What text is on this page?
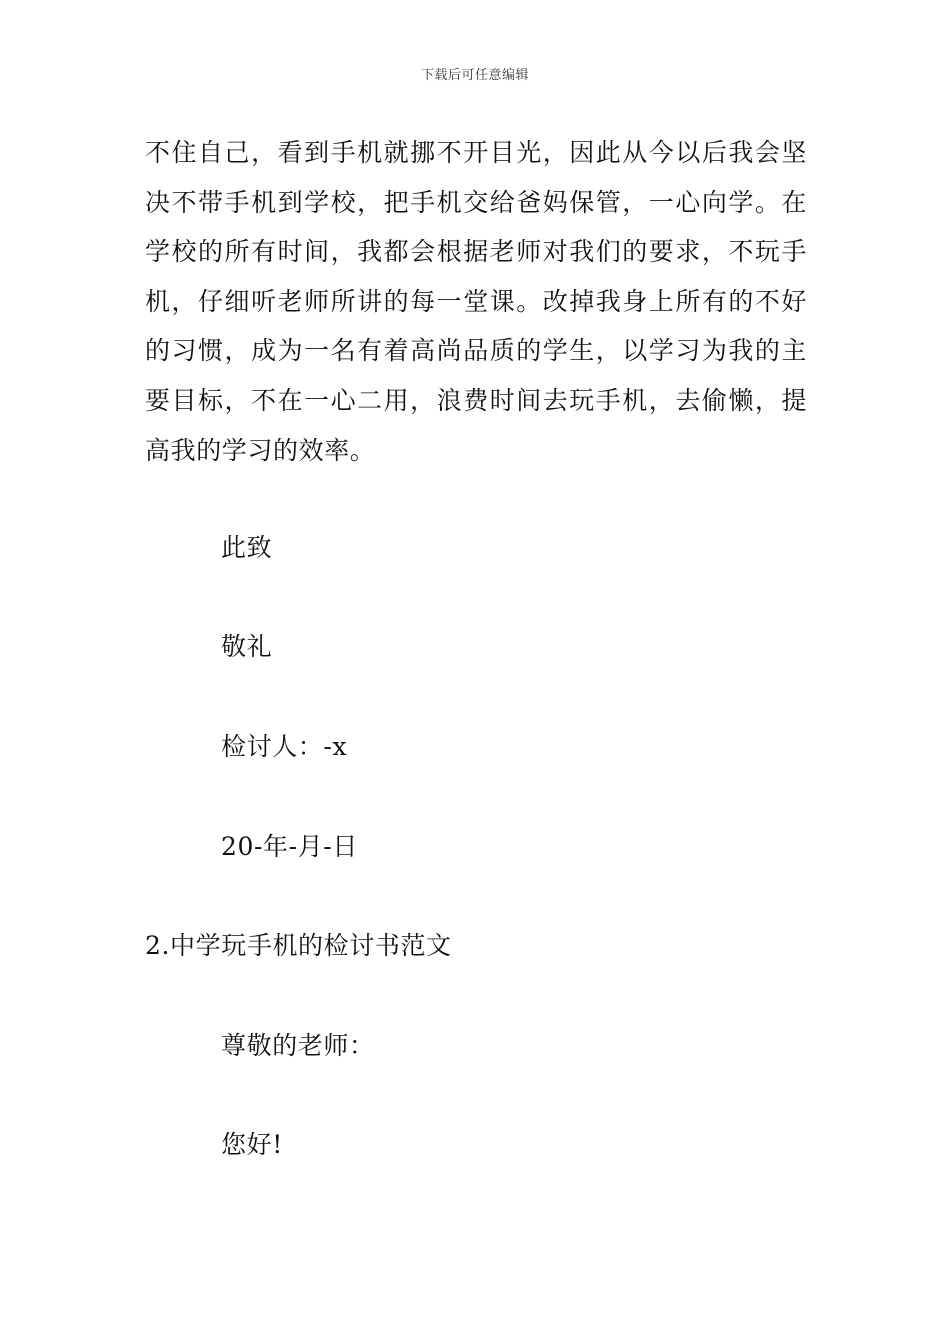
下载后可任意编辑

不住自己，看到手机就挪不开目光，因此从今以后我会坚决不带手机到学校，把手机交给爸妈保管，一心向学。在学校的所有时间，我都会根据老师对我们的要求，不玩手机，仔细听老师所讲的每一堂课。改掉我身上所有的不好的习惯，成为一名有着高尚品质的学生，以学习为我的主要目标，不在一心二用，浪费时间去玩手机，去偷懒，提高我的学习的效率。

此致

敬礼

检讨人：-x

20-年-月-日

2.中学玩手机的检讨书范文

尊敬的老师：

您好!
